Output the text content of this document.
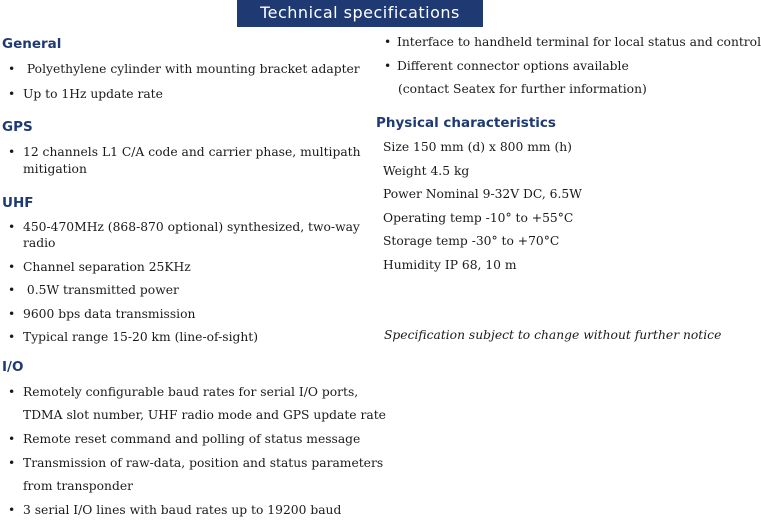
Technical specifications
General
• Polyethylene cylinder with mounting bracket adapter
• Up to 1Hz update rate
GPS
• 12 channels L1 C/A code and carrier phase, multipath
mitigation
UHF
• 450-470MHz (868-870 optional) synthesized, two-way
radio
• Channel separation 25KHz
• 0.5W transmitted power
• 9600 bps data transmission
• Typical range 15-20 km (line-of-sight)
I/O
• Remotely configurable baud rates for serial I/O ports,
TDMA slot number, UHF radio mode and GPS update rate
• Remote reset command and polling of status message
• Transmission of raw-data, position and status parameters
from transponder
• 3 serial I/O lines with baud rates up to 19200 baud
• Interface to handheld terminal for local status and control
• Different connector options available
(contact Seatex for further information)
Physical characteristics
Size 150 mm (d) x 800 mm (h)
Weight 4.5 kg
Power Nominal 9-32V DC, 6.5W
Operating temp -10° to +55°C
Storage temp -30° to +70°C
Humidity IP 68, 10 m
Specification subject to change without further notice
